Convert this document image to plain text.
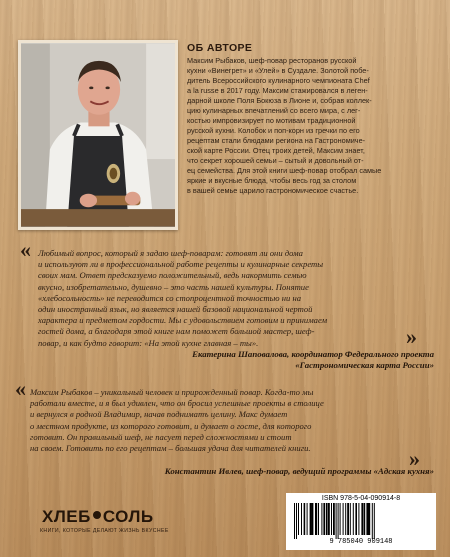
ОБ АВТОРЕ
Максим Рыбаков, шеф-повар ресторанов русской
кухни «Винегрет» и «Улей» в Суздале. Золотой побе-
дитель Всероссийского кулинарного чемпионата Chef
a la russe в 2017 году. Максим стажировался в леген-
дарной школе Поля Бокюза в Лионе и, собрав коллек-
цию кулинарных впечатлений со всего мира, с лег-
костью импровизирует по мотивам традиционной
русской кухни. Колобок и поп-корн из гречки по его
рецептам стали блюдами региона на Гастрономиче-
ской карте России. Отец троих детей, Максим знает,
что секрет хорошей семьи – сытый и довольный от-
ец семейства. Для этой книги шеф-повар отобрал самые
яркие и вкусные блюда, чтобы весь год за столом
в вашей семье царило гастрономическое счастье.
« Любимый вопрос, который я задаю шеф-поварам: готовят ли они дома
и используют ли в профессиональной работе рецепты и кулинарные секреты
своих мам. Ответ предсказуемо положительный, ведь накормить семью
вкусно, изобретательно, душевно – это часть нашей культуры. Понятие
«хлебосольность» не переводится со стопроцентной точностью ни на
один иностранный язык, но является нашей базовой национальной чертой
характера и предметом гордости. Мы с удовольствием готовим и принимаем
гостей дома, а благодаря этой книге нам поможет большой мастер, шеф-
повар, и как будто говорит: «На этой кухне главная – ты».	»
Екатерина Шаповалова, координатор Федерального проекта
«Гастрономическая карта России»
« Максим Рыбаков – уникальный человек и прирожденный повар. Когда-то мы
работали вместе, и я был удивлен, что он бросил успешные проекты в столице
и вернулся в родной Владимир, начав подниматъ целину. Макс думает
о местном продукте, из которого готовит, и думает о госте, для которого
готовит. Он правильный шеф, не пасует перед сложностями и стоит
на своем. Готовить по его рецептам – большая удача для читателей книги.	»
Константин Ивлев, шеф-повар, ведущий программы «Адская кухня»
ХЛЕБ СОЛЬ
КНИГИ, КОТОРЫЕ ДЕЛАЮТ ЖИЗНЬ ВКУСНЕЕ
ISBN 978-5-04-090914-8
9 785040 909148
